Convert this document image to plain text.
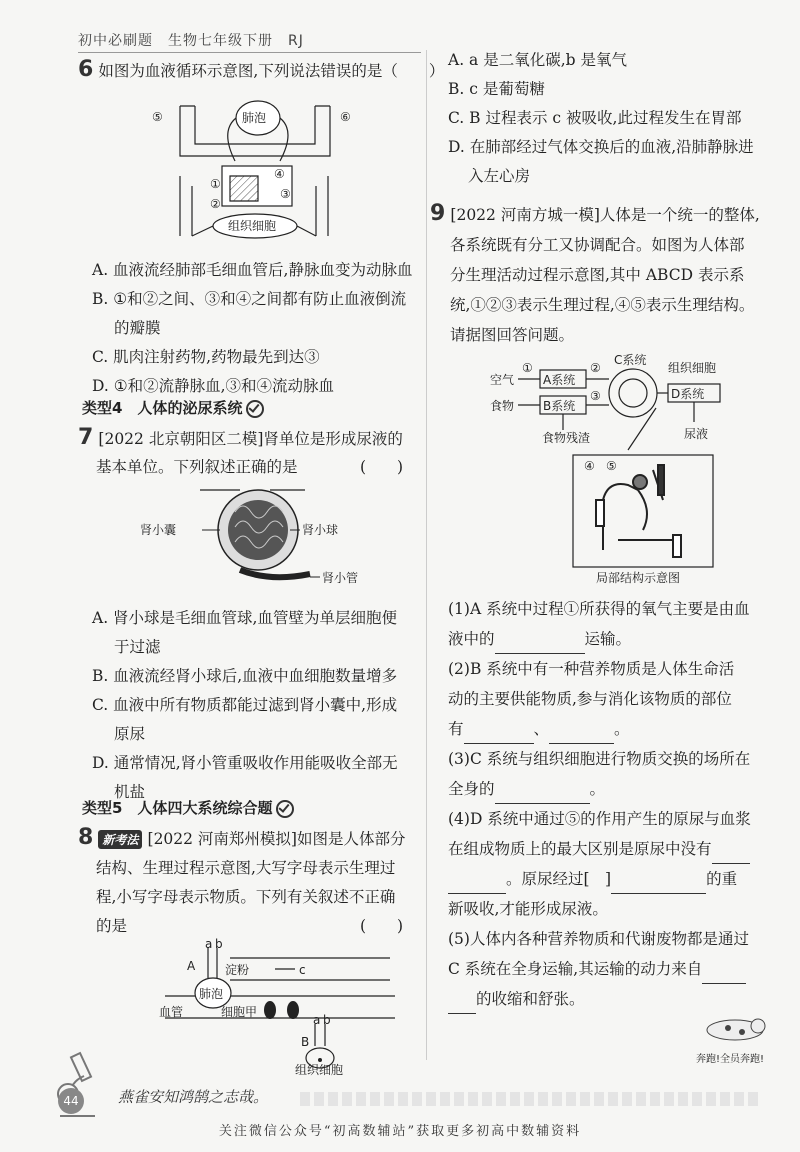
初中必刷题　生物七年级下册　RJ
6 如图为血液循环示意图,下列说法错误的是（　　）
肺泡
组织细胞
⑤	⑥
①
②
④
③
A. 血液流经肺部毛细血管后,静脉血变为动脉血
B. ①和②之间、③和④之间都有防止血液倒流
的瓣膜
C. 肌肉注射药物,药物最先到达③
D. ①和②流静脉血,③和④流动脉血
类型4　人体的泌尿系统
7 [2022 北京朝阳区二模]肾单位是形成尿液的
基本单位。下列叙述正确的是	(　　)
肾小囊	肾小球
肾小管
A. 肾小球是毛细血管球,血管壁为单层细胞便
于过滤
B. 血液流经肾小球后,血液中血细胞数量增多
C. 血液中所有物质都能过滤到肾小囊中,形成
原尿
D. 通常情况,肾小管重吸收作用能吸收全部无
机盐
类型5　人体四大系统综合题
8 新考法 [2022 河南郑州模拟]如图是人体部分
结构、生理过程示意图,大写字母表示生理过
程,小写字母表示物质。下列有关叙述不正确
的是	(　　)
a b
A 淀粉	c
肺泡
血管	细胞甲
a b
B
组织细胞
A. a 是二氧化碳,b 是氧气
B. c 是葡萄糖
C. B 过程表示 c 被吸收,此过程发生在胃部
D. 在肺部经过气体交换后的血液,沿肺静脉进
入左心房
9 [2022 河南方城一模]人体是一个统一的整体,
各系统既有分工又协调配合。如图为人体部
分生理活动过程示意图,其中 ABCD 表示系
统,①②③表示生理过程,④⑤表示生理结构。
请据图回答问题。
空气
食物
A系统
B系统
C系统
D系统
组织细胞
食物残渣	尿液
①	②
③
④ ⑤
局部结构示意图
(1)A 系统中过程①所获得的氧气主要是由血
液中的	运输。
(2)B 系统中有一种营养物质是人体生命活
动的主要供能物质,参与消化该物质的部位
有	、	。
(3)C 系统与组织细胞进行物质交换的场所在
全身的	。
(4)D 系统中通过⑤的作用产生的原尿与血浆
在组成物质上的最大区别是原尿中没有
。原尿经过[　]	的重
新吸收,才能形成尿液。
(5)人体内各种营养物质和代谢废物都是通过
C 系统在全身运输,其运输的动力来自
的收缩和舒张。
奔跑!全员奔跑!
44	燕雀安知鸿鹄之志哉。
关注微信公众号“初高数辅站”获取更多初高中数辅资料
